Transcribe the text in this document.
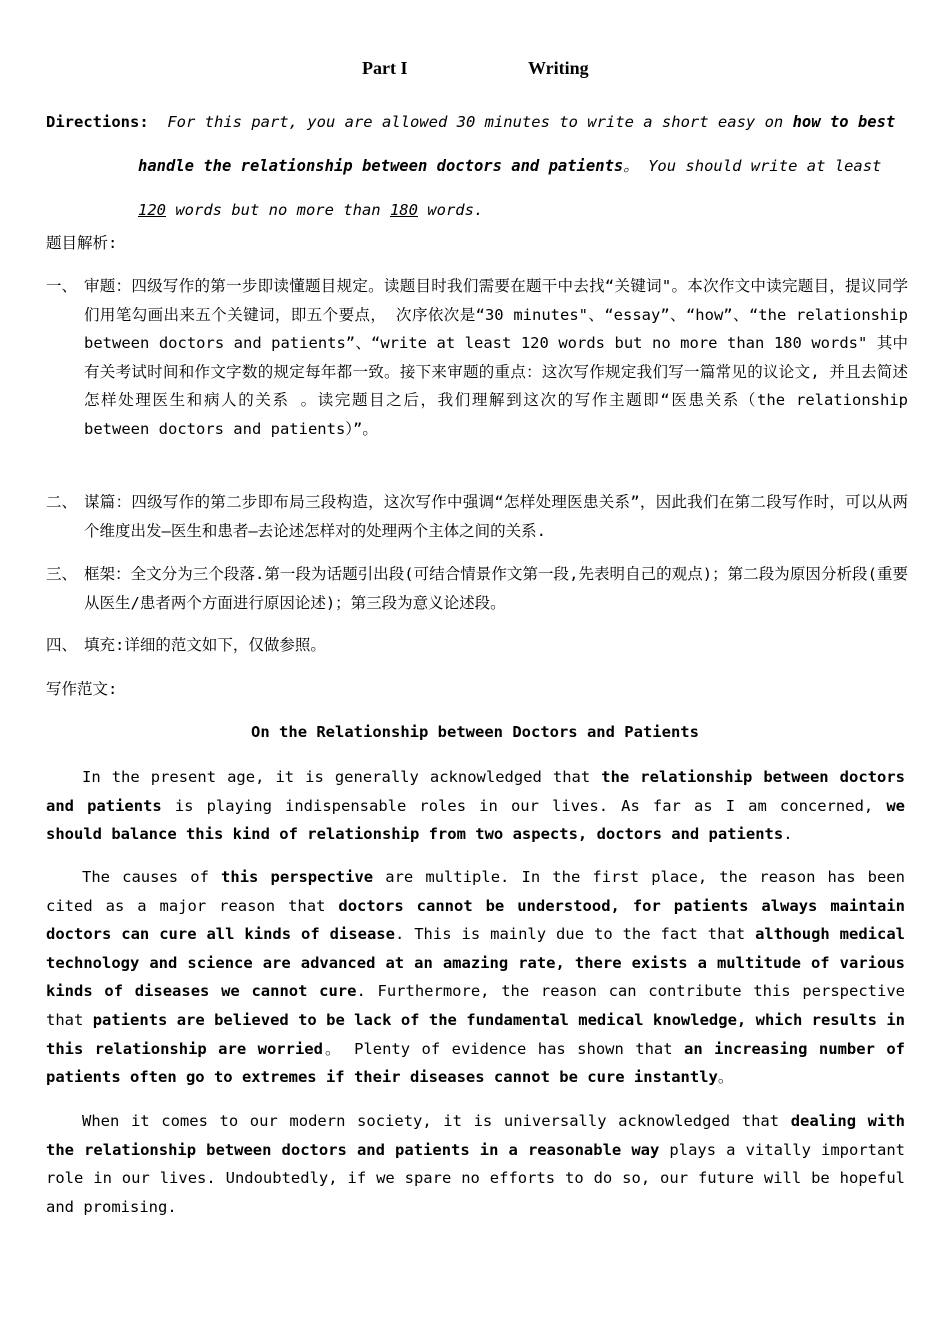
Part I	Writing
Directions: For this part, you are allowed 30 minutes to write a short easy on how to best
handle the relationship between doctors and patients。 You should write at least
120 words but no more than 180 words.
题目解析:
一、 审题：四级写作的第一步即读懂题目规定。读题目时我们需要在题干中去找“关键词"。本次作文中读完题目，提议同学们用笔勾画出来五个关键词，即五个要点， 次序依次是“30 minutes"、“essay”、“how”、“the relationship between doctors and patients”、“write at least 120 words but no more than 180 words" 其中有关考试时间和作文字数的规定每年都一致。接下来审题的重点：这次写作规定我们写一篇常见的议论文, 并且去简述怎样处理医生和病人的关系 。读完题目之后，我们理解到这次的写作主题即“医患关系（the relationship between doctors and patients）”。
二、 谋篇：四级写作的第二步即布局三段构造，这次写作中强调“怎样处理医患关系”，因此我们在第二段写作时，可以从两个维度出发—医生和患者—去论述怎样对的处理两个主体之间的关系.
三、 框架：全文分为三个段落.第一段为话题引出段(可结合情景作文第一段,先表明自己的观点)；第二段为原因分析段(重要从医生/患者两个方面进行原因论述)；第三段为意义论述段。
四、 填充:详细的范文如下，仅做参照。
写作范文:
On the Relationship between Doctors and Patients
In the present age, it is generally acknowledged that the relationship between doctors and patients is playing indispensable roles in our lives. As far as I am concerned, we should balance this kind of relationship from two aspects, doctors and patients.
The causes of this perspective are multiple. In the first place, the reason has been cited as a major reason that doctors cannot be understood, for patients always maintain doctors can cure all kinds of disease. This is mainly due to the fact that although medical technology and science are advanced at an amazing rate, there exists a multitude of various kinds of diseases we cannot cure. Furthermore, the reason can contribute this perspective that patients are believed to be lack of the fundamental medical knowledge, which results in this relationship are worried。 Plenty of evidence has shown that an increasing number of patients often go to extremes if their diseases cannot be cure instantly。
When it comes to our modern society, it is universally acknowledged that dealing with the relationship between doctors and patients in a reasonable way plays a vitally important role in our lives. Undoubtedly, if we spare no efforts to do so, our future will be hopeful and promising.
